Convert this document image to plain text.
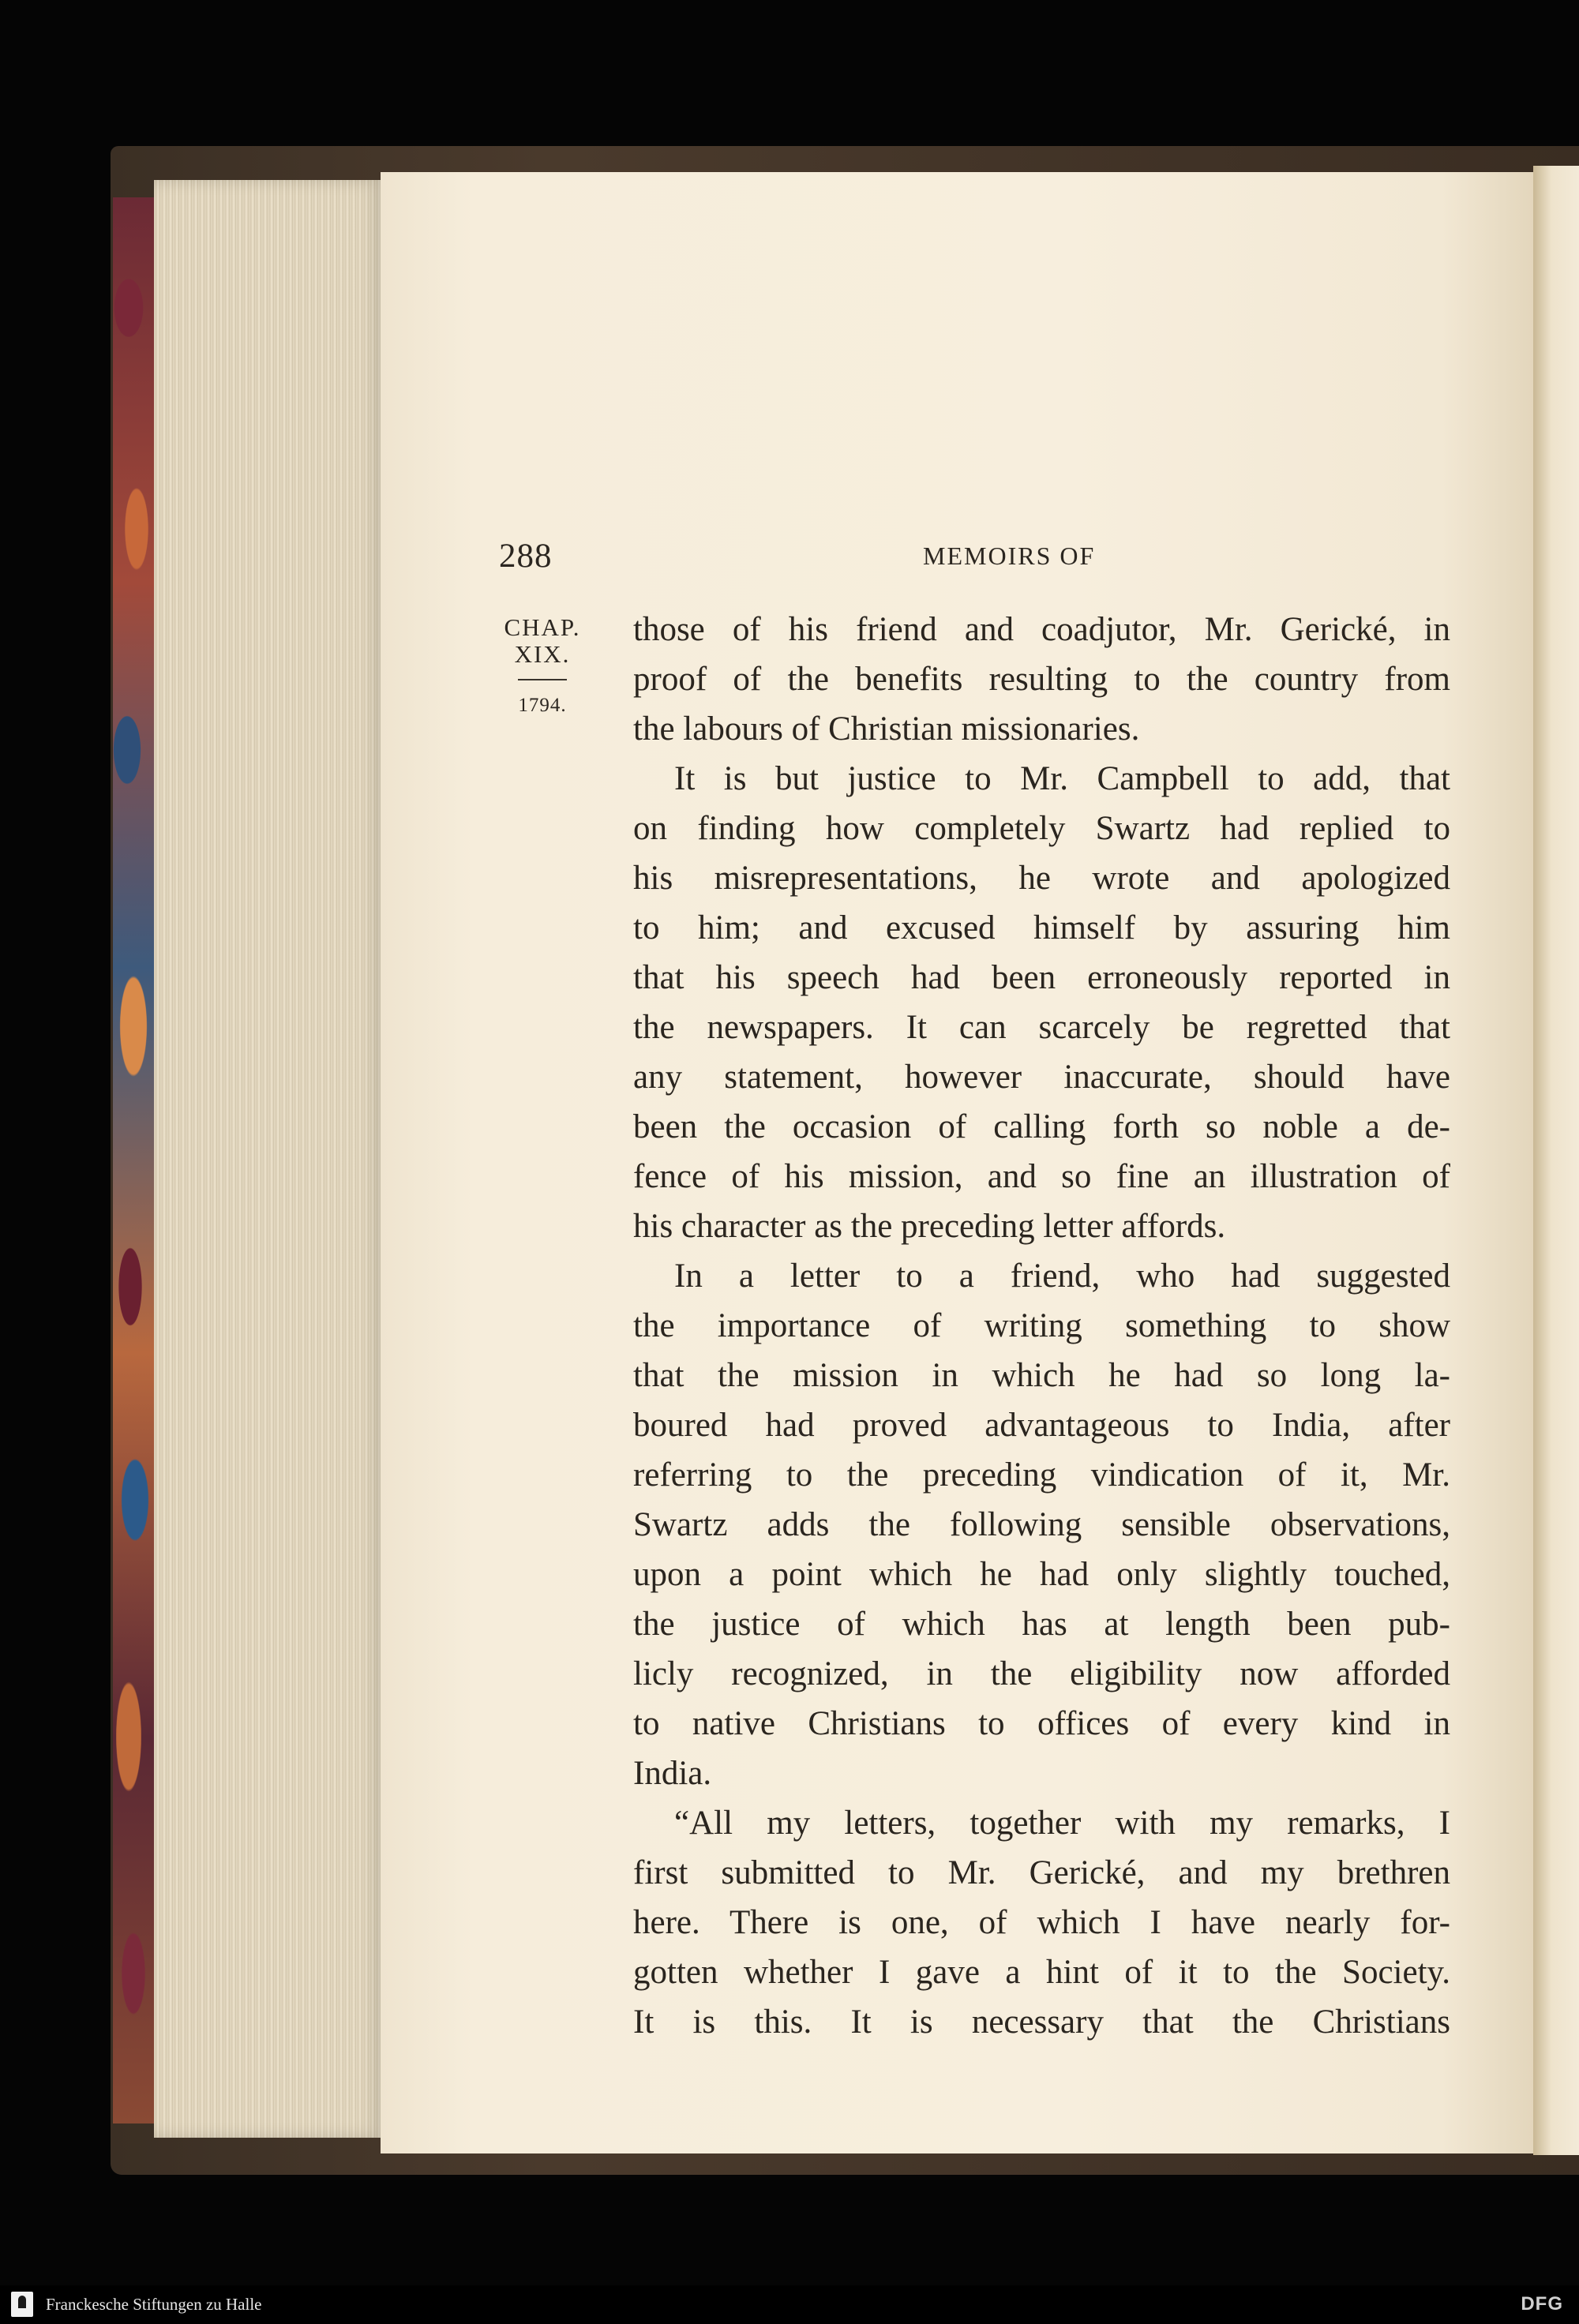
288	MEMOIRS OF
CHAP.
XIX.
1794.
those of his friend and coadjutor, Mr. Gerické, in
proof of the benefits resulting to the country from
the labours of Christian missionaries.
It is but justice to Mr. Campbell to add, that
on finding how completely Swartz had replied to
his misrepresentations, he wrote and apologized
to him; and excused himself by assuring him
that his speech had been erroneously reported in
the newspapers. It can scarcely be regretted that
any statement, however inaccurate, should have
been the occasion of calling forth so noble a de-
fence of his mission, and so fine an illustration of
his character as the preceding letter affords.
In a letter to a friend, who had suggested
the importance of writing something to show
that the mission in which he had so long la-
boured had proved advantageous to India, after
referring to the preceding vindication of it, Mr.
Swartz adds the following sensible observations,
upon a point which he had only slightly touched,
the justice of which has at length been pub-
licly recognized, in the eligibility now afforded
to native Christians to offices of every kind in
India.
“All my letters, together with my remarks, I
first submitted to Mr. Gerické, and my brethren
here. There is one, of which I have nearly for-
gotten whether I gave a hint of it to the Society.
It is this. It is necessary that the Christians
Franckesche Stiftungen zu Halle	DFG
